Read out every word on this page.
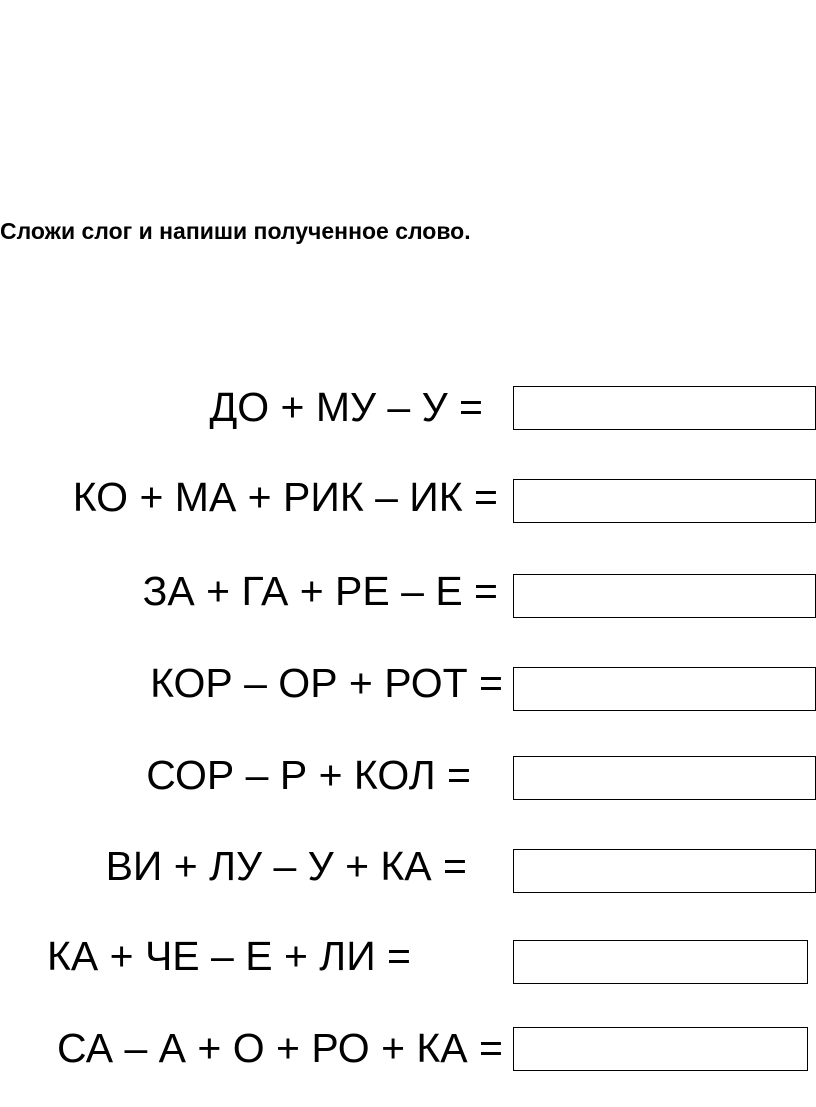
Сложи слог и напиши полученное слово.
ДО + МУ – У =
КО + МА + РИК – ИК =
ЗА + ГА + РЕ – Е =
КОР – ОР + РОТ =
СОР – Р + КОЛ =
ВИ + ЛУ – У + КА =
КА + ЧЕ – Е + ЛИ =
СА – А + О + РО + КА =
